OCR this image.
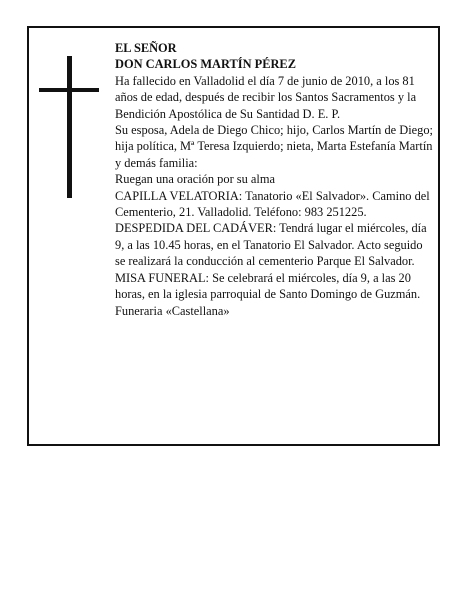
EL SEÑOR

DON CARLOS MARTÍN PÉREZ

Ha fallecido en Valladolid el día 7 de junio de 2010, a los 81 años de edad, después de recibir los Santos Sacramentos y la Bendición Apostólica de Su Santidad D. E. P.

Su esposa, Adela de Diego Chico; hijo, Carlos Martín de Diego; hija política, Mª Teresa Izquierdo; nieta, Marta Estefanía Martín y demás familia:

Ruegan una oración por su alma

CAPILLA VELATORIA: Tanatorio «El Salvador». Camino del Cementerio, 21. Valladolid. Teléfono: 983 251225.

DESPEDIDA DEL CADÁVER: Tendrá lugar el miércoles, día 9, a las 10.45 horas, en el Tanatorio El Salvador. Acto seguido se realizará la conducción al cementerio Parque El Salvador.

MISA FUNERAL: Se celebrará el miércoles, día 9, a las 20 horas, en la iglesia parroquial de Santo Domingo de Guzmán.

Funeraria «Castellana»
